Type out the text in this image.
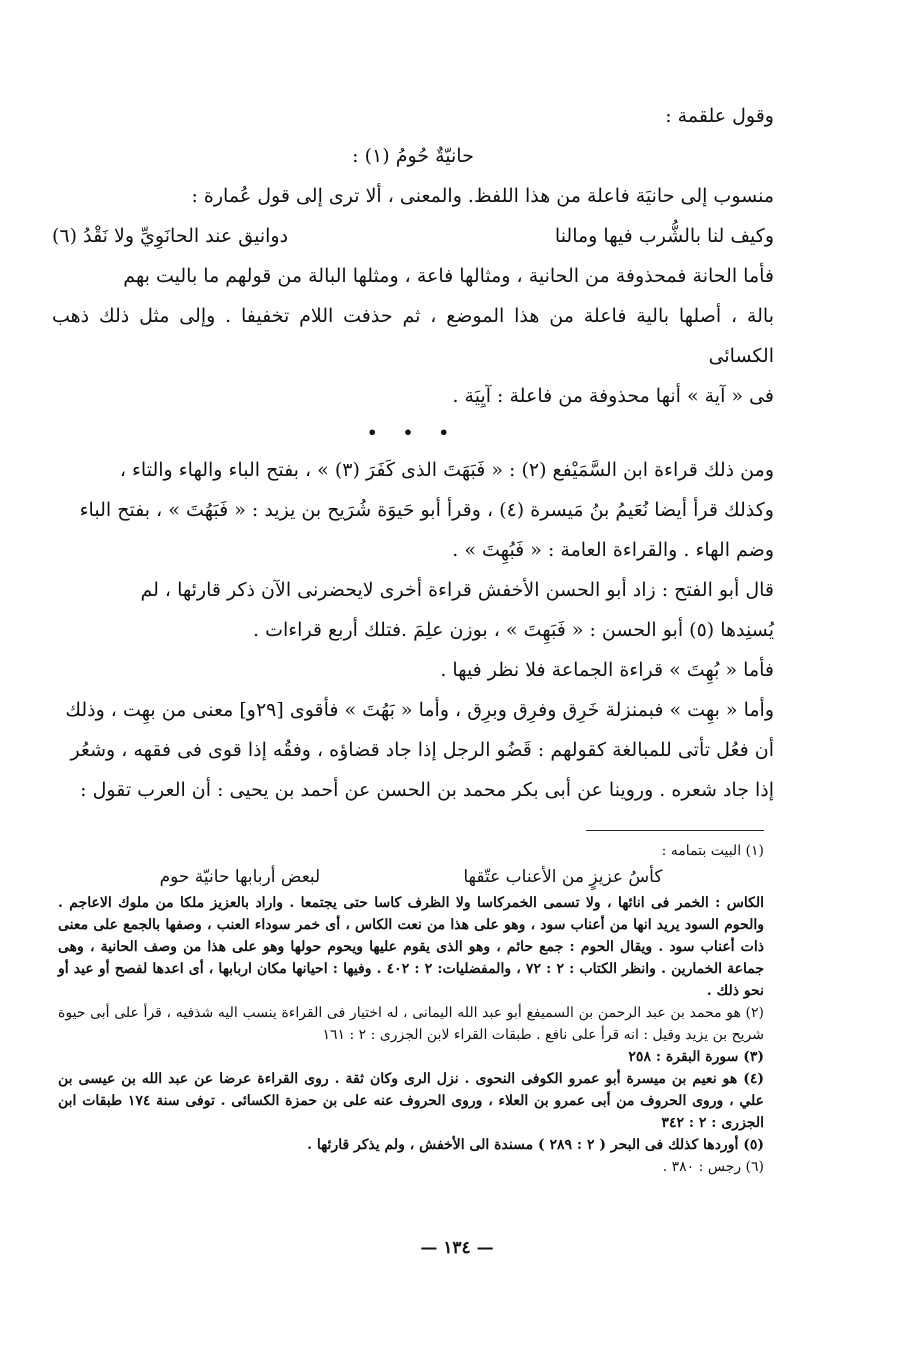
وقول علقمة :

حانيّةٌ حُومُ (١) :

منسوب إلى حانيَة فاعلة من هذا اللفظ. والمعنى ، ألا ترى إلى قول عُمارة :

وكيف لنا بالشُّرب فيها ومالنا
دوانيق عند الحانَوِيِّ ولا نَقْدُ (٦)

فأما الحانة فمحذوفة من الحانية ، ومثالها فاعة ، ومثلها البالة من قولهم ما باليت بهم

بالة ، أصلها بالية فاعلة من هذا الموضع ، ثم حذفت اللام تخفيفا . وإلى مثل ذلك ذهب الكسائى

فى « آية » أنها محذوفة من فاعلة : آيِيَة .

• • •

ومن ذلك قراءة ابن السَّمَيْفع (٢) : « فَبَهَتَ الذى كَفَرَ (٣) » ، بفتح الباء والهاء والتاء ،

وكذلك قرأ أيضا نُعَيمُ بنُ مَيسرة (٤) ، وقرأ أبو حَيوَة شُرَيح بن يزيد : « فَبَهُتَ » ، بفتح الباء

وضم الهاء . والقراءة العامة : « فَبُهِتَ » .

قال أبو الفتح : زاد أبو الحسن الأخفش قراءة أخرى لايحضرنى الآن ذكر قارئها ، لم

يُسنِدها (٥) أبو الحسن : « فَبَهِتَ » ، بوزن علِمَ .فتلك أربع قراءات .

فأما « بُهِتَ » قراءة الجماعة فلا نظر فيها .

وأما « بهِت » فبمنزلة خَرِق وفرِق وبرِق ، وأما « بَهُتَ » فأقوى [٢٩و] معنى من بهِت ، وذلك

أن فعُل تأتى للمبالغة كقولهم : قَضُو الرجل إذا جاد قضاؤه ، وفقُه إذا قوى فى فقهه ، وشعُر

إذا جاد شعره . وروينا عن أبى بكر محمد بن الحسن عن أحمد بن يحيى : أن العرب تقول :

(١) البيت بتمامه :

كأسُ عزيزٍ من الأعناب عتّقها
لبعض أربابها حانيّة حوم

الكاس : الخمر فى انائها ، ولا تسمى الخمركاسا ولا الظرف كاسا حتى يجتمعا . واراد بالعزيز ملكا من ملوك الاعاجم . والحوم السود يريد انها من أعناب سود ، وهو على هذا من نعت الكاس ، أى خمر سوداء العنب ، وصفها بالجمع على معنى ذات أعناب سود . ويقال الحوم : جمع حائم ، وهو الذى يقوم عليها ويحوم حولها وهو على هذا من وصف الحانية ، وهى جماعة الخمارين . وانظر الكتاب : ٢ : ٧٢ ، والمفضليات: ٢ : ٤٠٢ . وفيها : احيانها مكان اربابها ، أى اعدها لفصح أو عيد أو نحو ذلك .

(٢) هو محمد بن عبد الرحمن بن السميفع أبو عبد الله اليمانى ، له اختيار فى القراءة ينسب اليه شذفيه ، قرأ على أبى حيوة شريح بن يزيد وقيل : انه قرأ على نافع . طبقات القراء لابن الجزرى : ٢ : ١٦١

(٣) سورة البقرة : ٢٥٨

(٤) هو نعيم بن ميسرة أبو عمرو الكوفى النحوى . نزل الرى وكان ثقة . روى القراءة عرضا عن عبد الله بن عيسى بن علي ، وروى الحروف من أبى عمرو بن العلاء ، وروى الحروف عنه على بن حمزة الكسائى . توفى سنة ١٧٤ طبقات ابن الجزرى : ٢ : ٣٤٢

(٥) أوردها كذلك فى البحر ( ٢ : ٢٨٩ ) مسندة الى الأخفش ، ولم يذكر قارئها .

(٦) رجس : ٣٨٠ .

— ١٣٤ —
